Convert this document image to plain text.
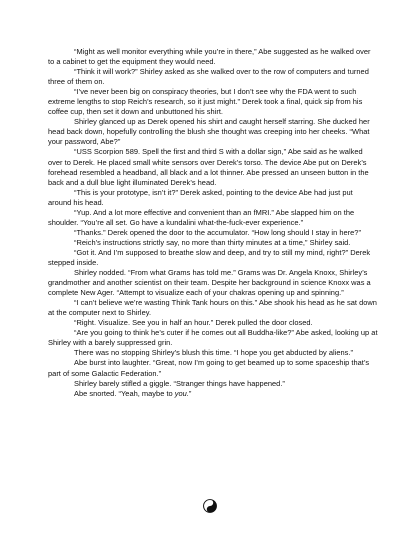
“Might as well monitor everything while you’re in there,” Abe suggested as he walked over to a cabinet to get the equipment they would need.

“Think it will work?” Shirley asked as she walked over to the row of computers and turned three of them on.

“I’ve never been big on conspiracy theories, but I don’t see why the FDA went to such extreme lengths to stop Reich’s research, so it just might.” Derek took a final, quick sip from his coffee cup, then set it down and unbuttoned his shirt.

Shirley glanced up as Derek opened his shirt and caught herself starring. She ducked her head back down, hopefully controlling the blush she thought was creeping into her cheeks. “What your password, Abe?”

“USS Scorpion 589. Spell the first and third S with a dollar sign,” Abe said as he walked over to Derek. He placed small white sensors over Derek’s torso. The device Abe put on Derek’s forehead resembled a headband, all black and a lot thinner. Abe pressed an unseen button in the back and a dull blue light illuminated Derek’s head.

“This is your prototype, isn’t it?” Derek asked, pointing to the device Abe had just put around his head.

“Yup. And a lot more effective and convenient than an fMRI.” Abe slapped him on the shoulder. “You’re all set. Go have a kundalini what-the-fuck-ever experience.”

“Thanks.” Derek opened the door to the accumulator. “How long should I stay in here?”

“Reich’s instructions strictly say, no more than thirty minutes at a time,” Shirley said.

“Got it. And I’m supposed to breathe slow and deep, and try to still my mind, right?” Derek stepped inside.

Shirley nodded. “From what Grams has told me.” Grams was Dr. Angela Knoxx, Shirley’s grandmother and another scientist on their team. Despite her background in science Knoxx was a complete New Ager. “Attempt to visualize each of your chakras opening up and spinning.”

“I can’t believe we’re wasting Think Tank hours on this.” Abe shook his head as he sat down at the computer next to Shirley.

“Right. Visualize. See you in half an hour.” Derek pulled the door closed.

“Are you going to think he’s cuter if he comes out all Buddha-like?” Abe asked, looking up at Shirley with a barely suppressed grin.

There was no stopping Shirley’s blush this time. “I hope you get abducted by aliens.”

Abe burst into laughter. “Great, now I’m going to get beamed up to some spaceship that’s part of some Galactic Federation.”

Shirley barely stifled a giggle. “Stranger things have happened.”

Abe snorted. “Yeah, maybe to you.”
